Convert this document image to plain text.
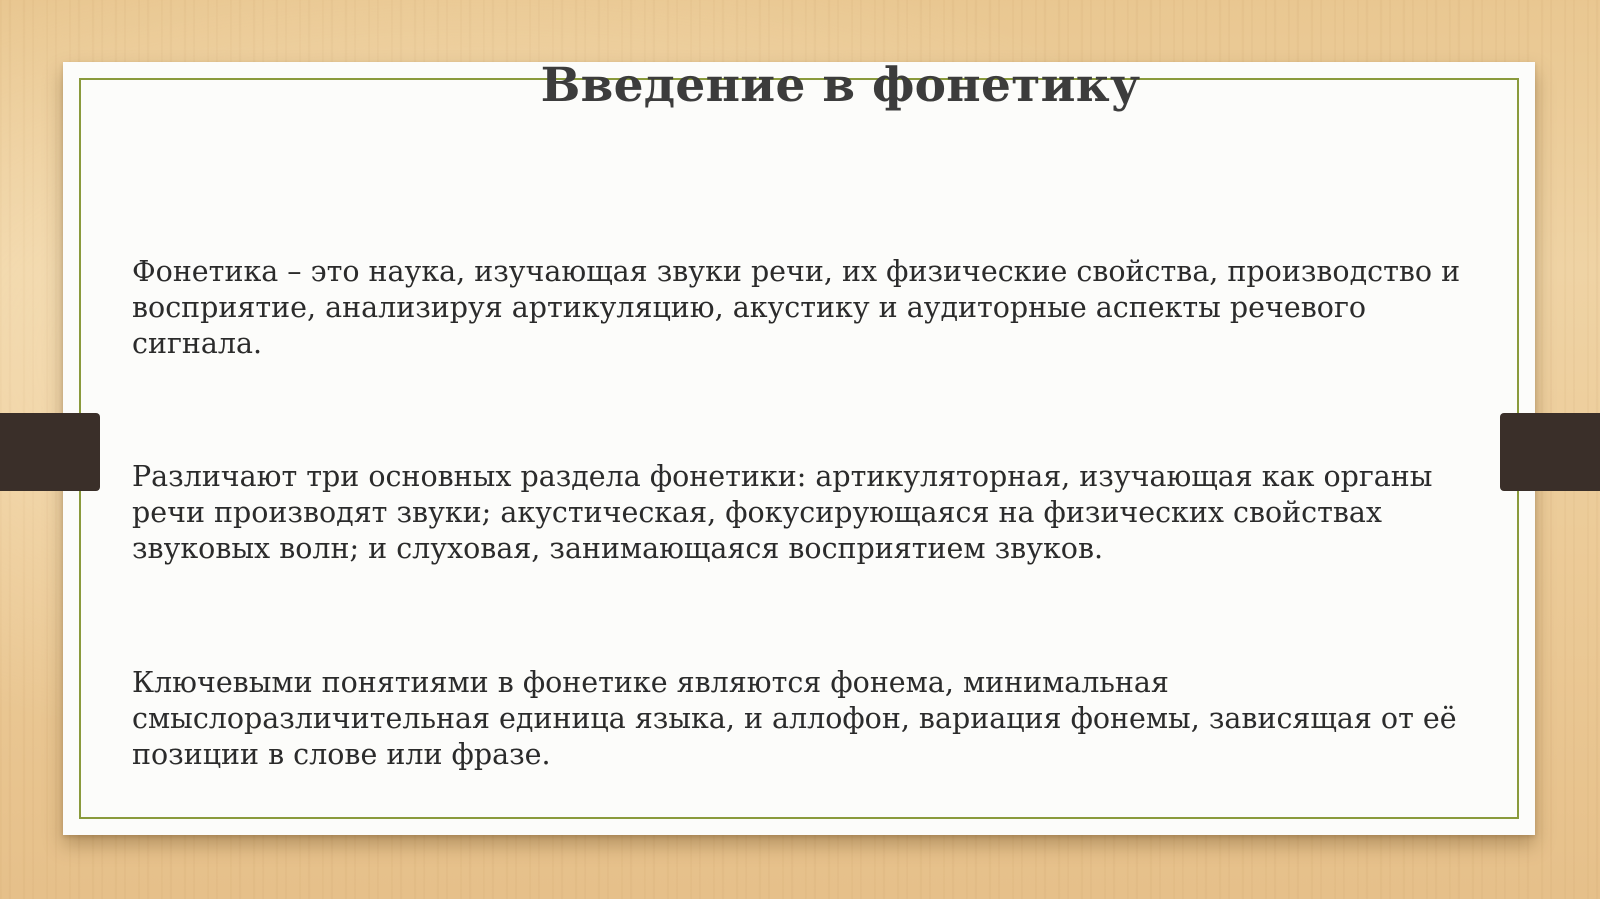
Введение в фонетику

Фонетика – это наука, изучающая звуки речи, их физические свойства, производство и восприятие, анализируя артикуляцию, акустику и аудиторные аспекты речевого сигнала.

Различают три основных раздела фонетики: артикуляторная, изучающая как органы речи производят звуки; акустическая, фокусирующаяся на физических свойствах звуковых волн; и слуховая, занимающаяся восприятием звуков.

Ключевыми понятиями в фонетике являются фонема, минимальная смыслоразличительная единица языка, и аллофон, вариация фонемы, зависящая от её позиции в слове или фразе.
